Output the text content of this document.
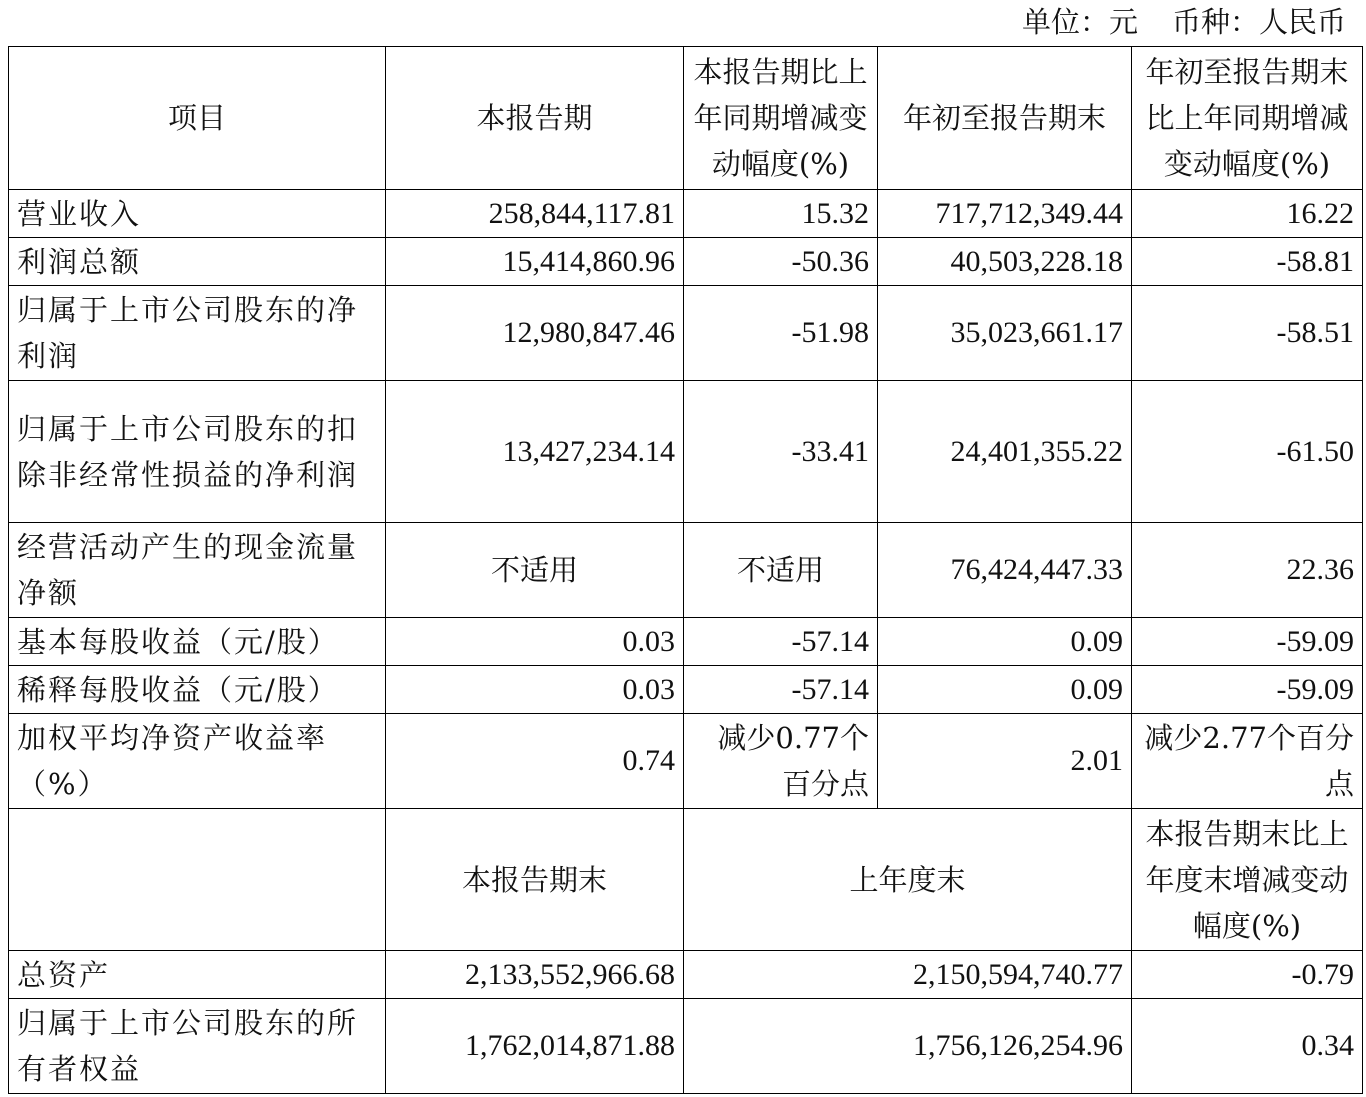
单位：元 币种：人民币
项目	本报告期	本报告期比上年同期增减变动幅度(%)	年初至报告期末	年初至报告期末比上年同期增减变动幅度(%)
营业收入	258,844,117.81	15.32	717,712,349.44	16.22
利润总额	15,414,860.96	-50.36	40,503,228.18	-58.81
归属于上市公司股东的净利润	12,980,847.46	-51.98	35,023,661.17	-58.51
归属于上市公司股东的扣除非经常性损益的净利润	13,427,234.14	-33.41	24,401,355.22	-61.50
经营活动产生的现金流量净额	不适用	不适用	76,424,447.33	22.36
基本每股收益（元/股）	0.03	-57.14	0.09	-59.09
稀释每股收益（元/股）	0.03	-57.14	0.09	-59.09
加权平均净资产收益率（%）	0.74	减少0.77个百分点	2.01	减少2.77个百分点
	本报告期末	上年度末		本报告期末比上年度末增减变动幅度(%)
总资产	2,133,552,966.68	2,150,594,740.77		-0.79
归属于上市公司股东的所有者权益	1,762,014,871.88	1,756,126,254.96		0.34
